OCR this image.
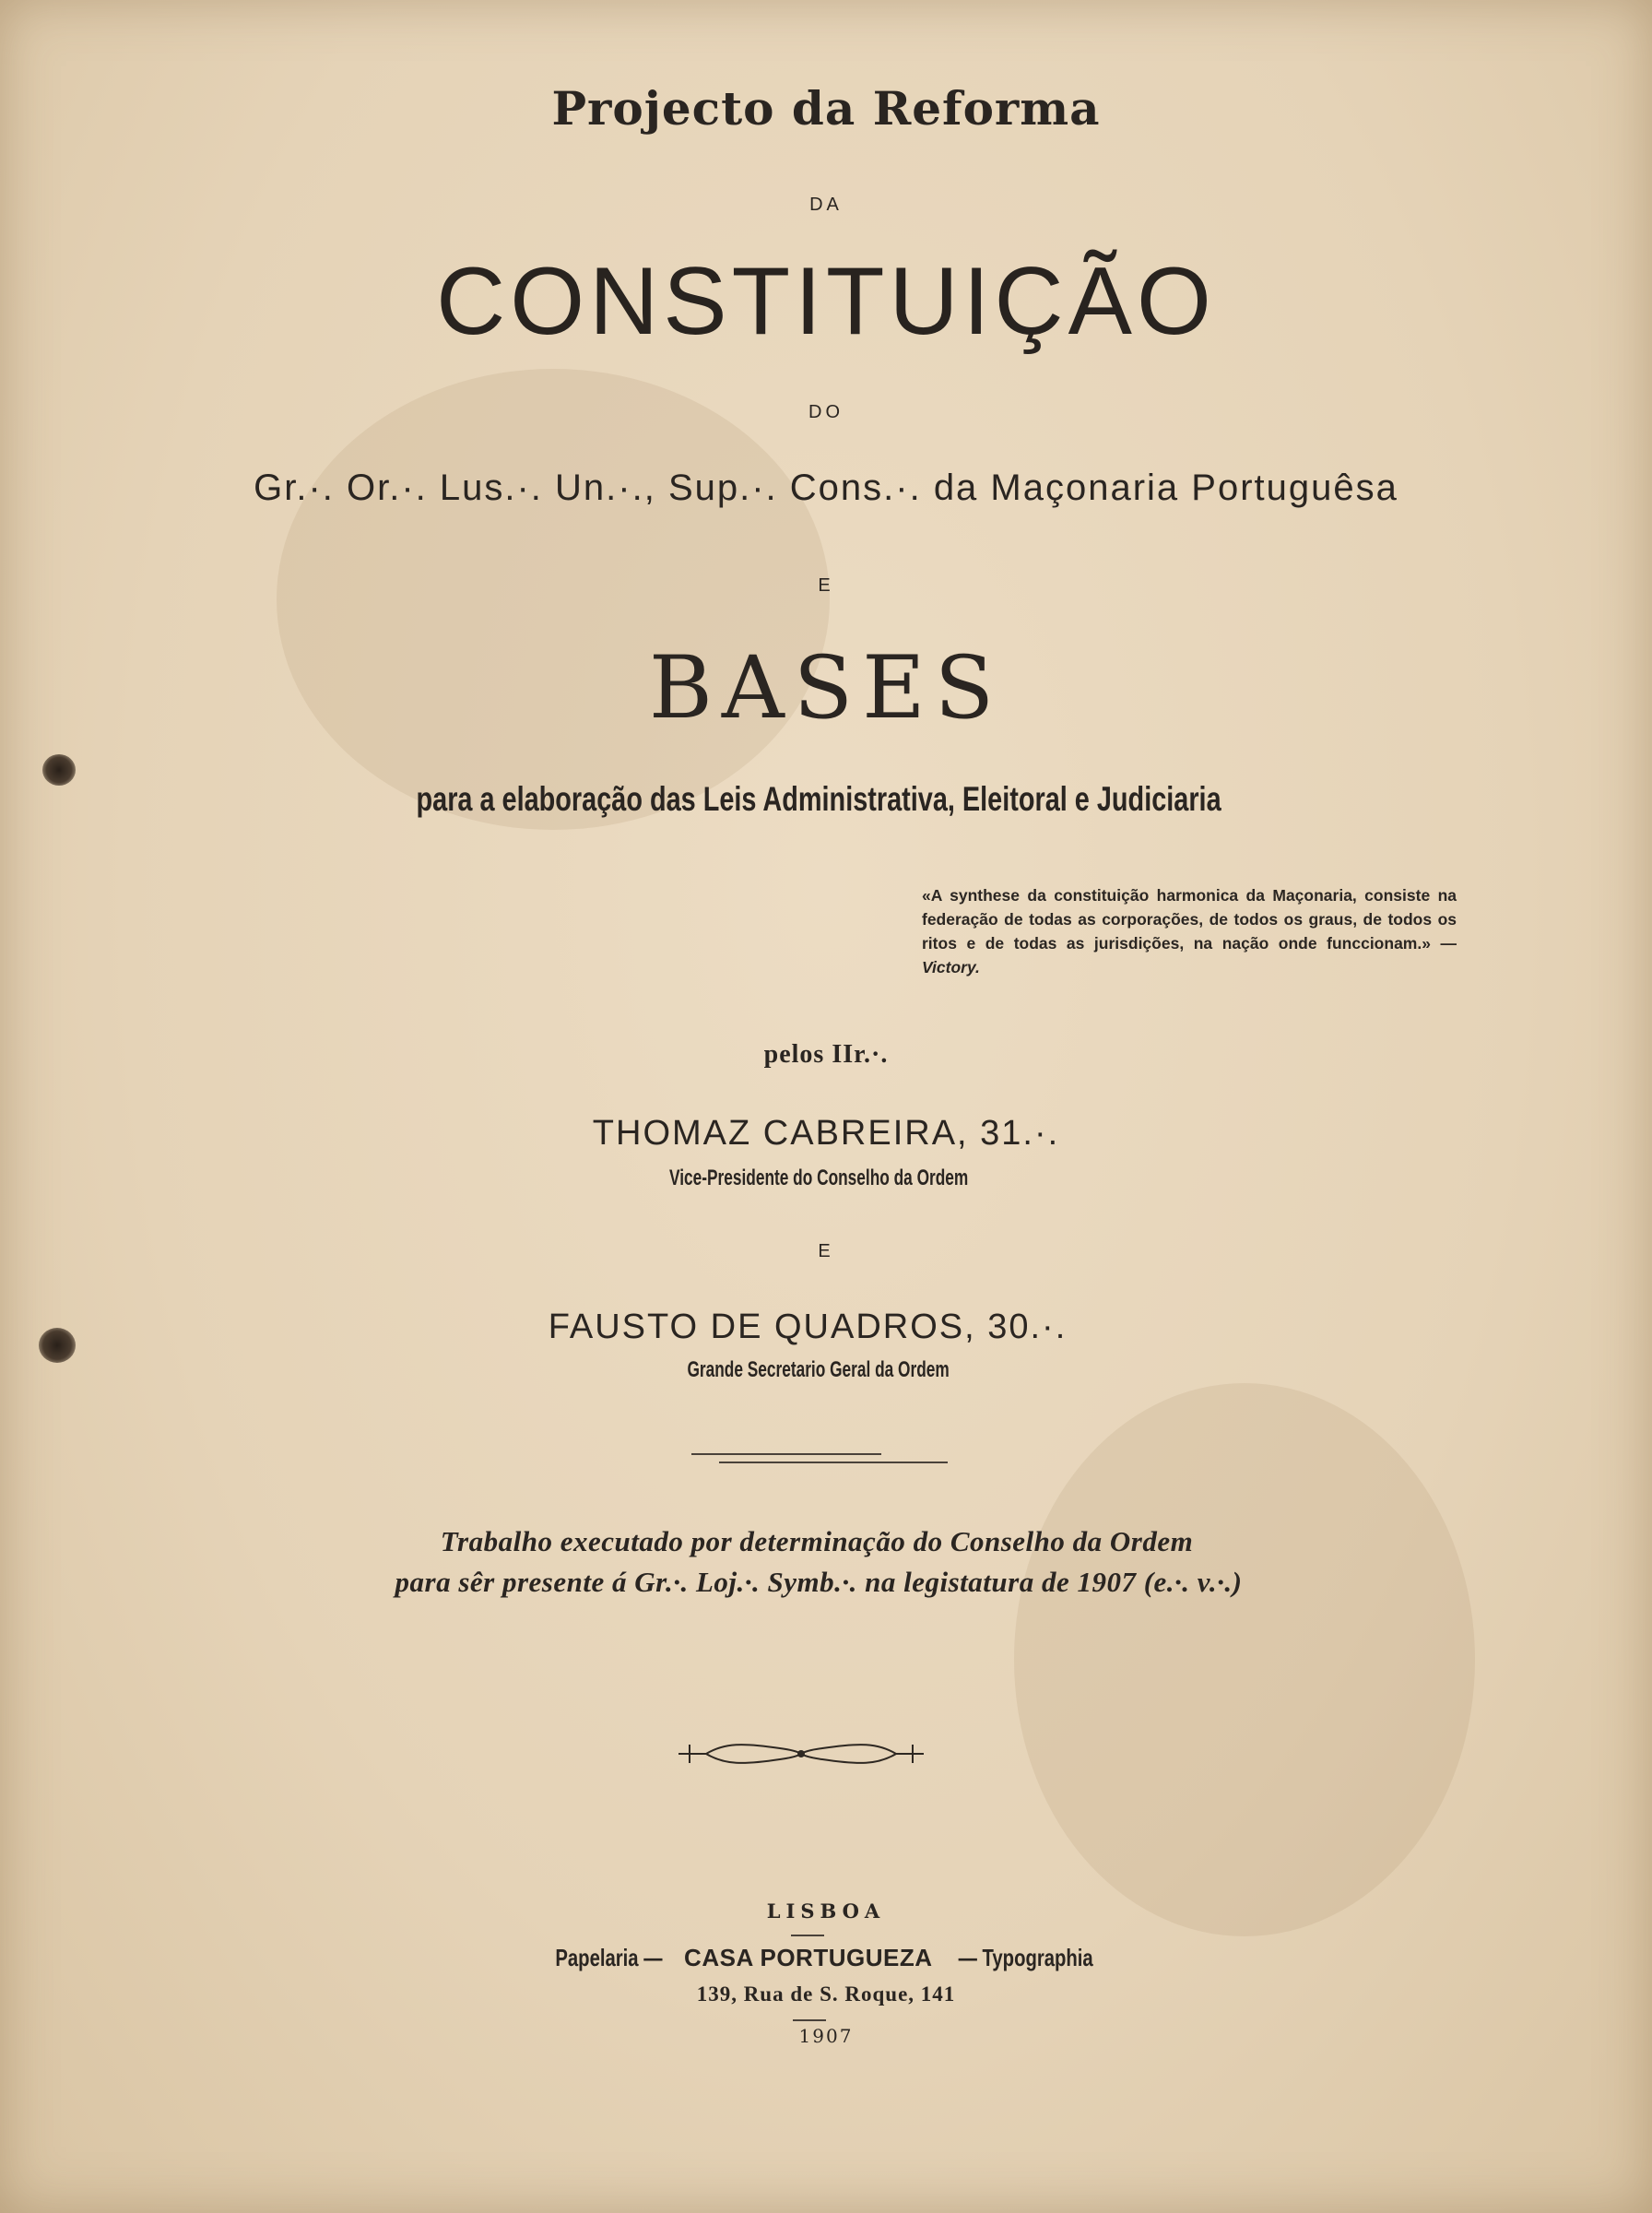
Projecto da Reforma
DA
CONSTITUIÇÃO
DO
Gr.·. Or.·. Lus.·. Un.·., Sup.·. Cons.·. da Maçonaria Portuguêsa
E
BASES
para a elaboração das Leis Administrativa, Eleitoral e Judiciaria
«A synthese da constituição harmonica da Maçonaria, consiste na federação de todas as corporações, de todos os graus, de todos os ritos e de todas as jurisdições, na nação onde funccionam.» — Victory.
pelos IIr.·.
THOMAZ CABREIRA, 31.·.
Vice-Presidente do Conselho da Ordem
E
FAUSTO DE QUADROS, 30.·.
Grande Secretario Geral da Ordem
Trabalho executado por determinação do Conselho da Ordem
para sêr presente á Gr.·. Loj.·. Symb.·. na legistatura de 1907 (e.·. v.·.)
LISBOA
Papelaria — CASA PORTUGUEZA — Typographia
139, Rua de S. Roque, 141
1907
